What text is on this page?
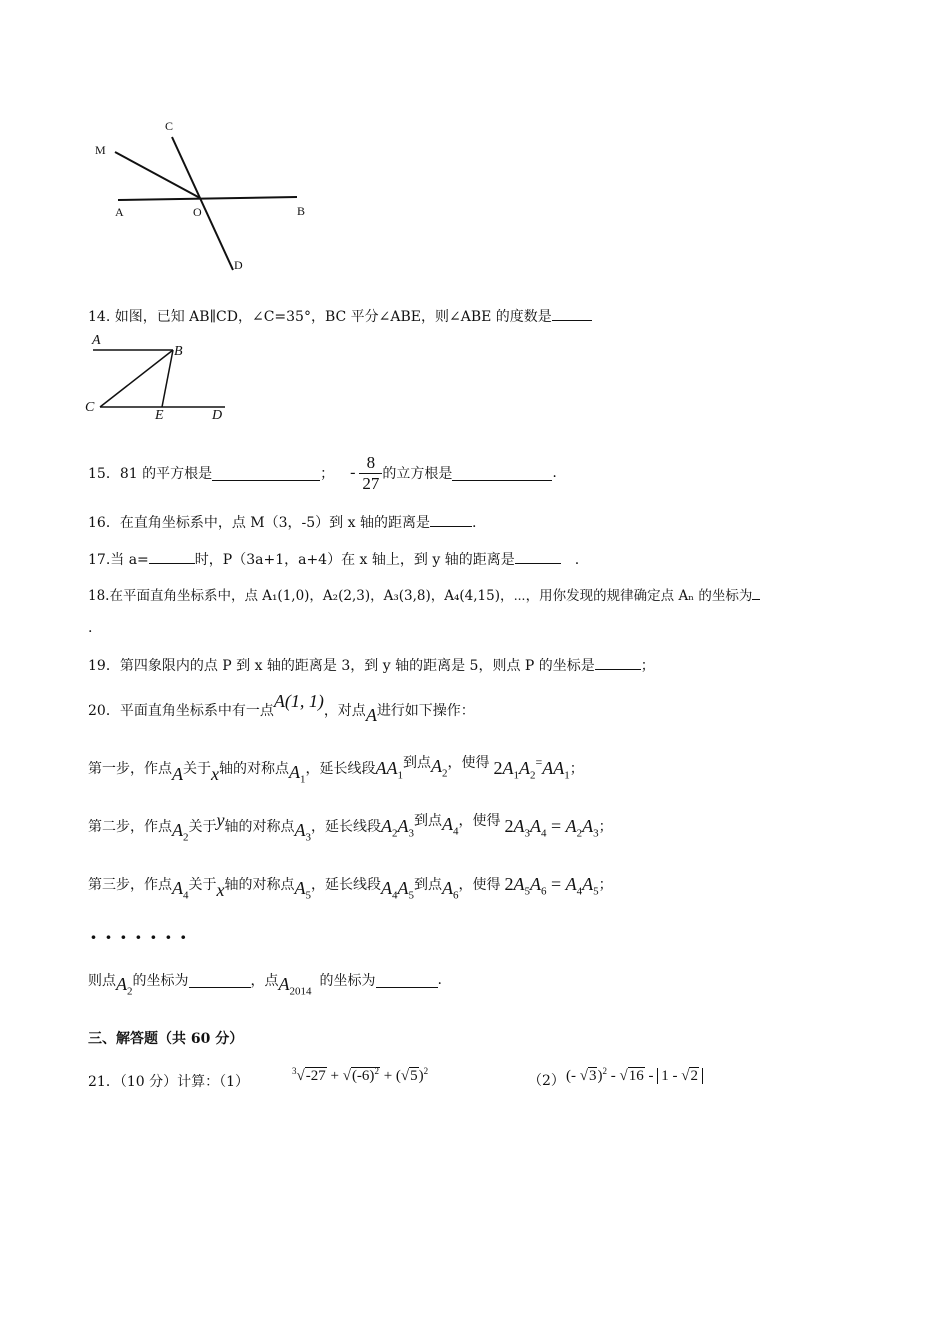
M
C
A	O	B
D
14. 如图，已知 AB∥CD，∠C=35°，BC 平分∠ABE，则∠ABE 的度数是
A
B
C
E	D
15．81 的平方根是	； - $\frac{8}{27}$ 的立方根是	.
16．在直角坐标系中，点 M（3，-5）到 x 轴的距离是	.
17.当 a=	时，P（3a+1，a+4）在 x 轴上，到 y 轴的距离是	.
18.在平面直角坐标系中，点 A₁(1,0)，A₂(2,3)，A₃(3,8)，A₄(4,15)，⋯，用你发现的规律确定点 Aₙ 的坐标为
.
19．第四象限内的点 P 到 x 轴的距离是 3，到 y 轴的距离是 5，则点 P 的坐标是	；
20．平面直角坐标系中有一点 A(1, 1) ，对点 A 进行如下操作：
第一步，作点 A 关于 x 轴的对称点 $A_1$
，延长线段 $AA_1$
到点 $A_2$
，使得 $2A_1A_2^=AA_1$ ；
第二步，作点 $A_2$
关于 y 轴的对称点 $A_3$
，延长线段 $A_2A_3$
到点 $A_4$
，使得 $2A_3A_4 = A_2A_3$ ；
第三步，作点 $A_4$
关于 x 轴的对称点 $A_5$
，延长线段 $A_4A_5$
到点 $A_6$
，使得 $2A_5A_6 = A_4A_5$ ；
·······
则点 $A_2$
的坐标为	，点 $A_{2014}$
的坐标为	.
三、解答题（共 60 分）
21．（10 分）计算：（1）
$^3√-27 + √(-6)^2 + (√5)^2$
（2） (- √3)$^2$ - √16 - 1 - √2
